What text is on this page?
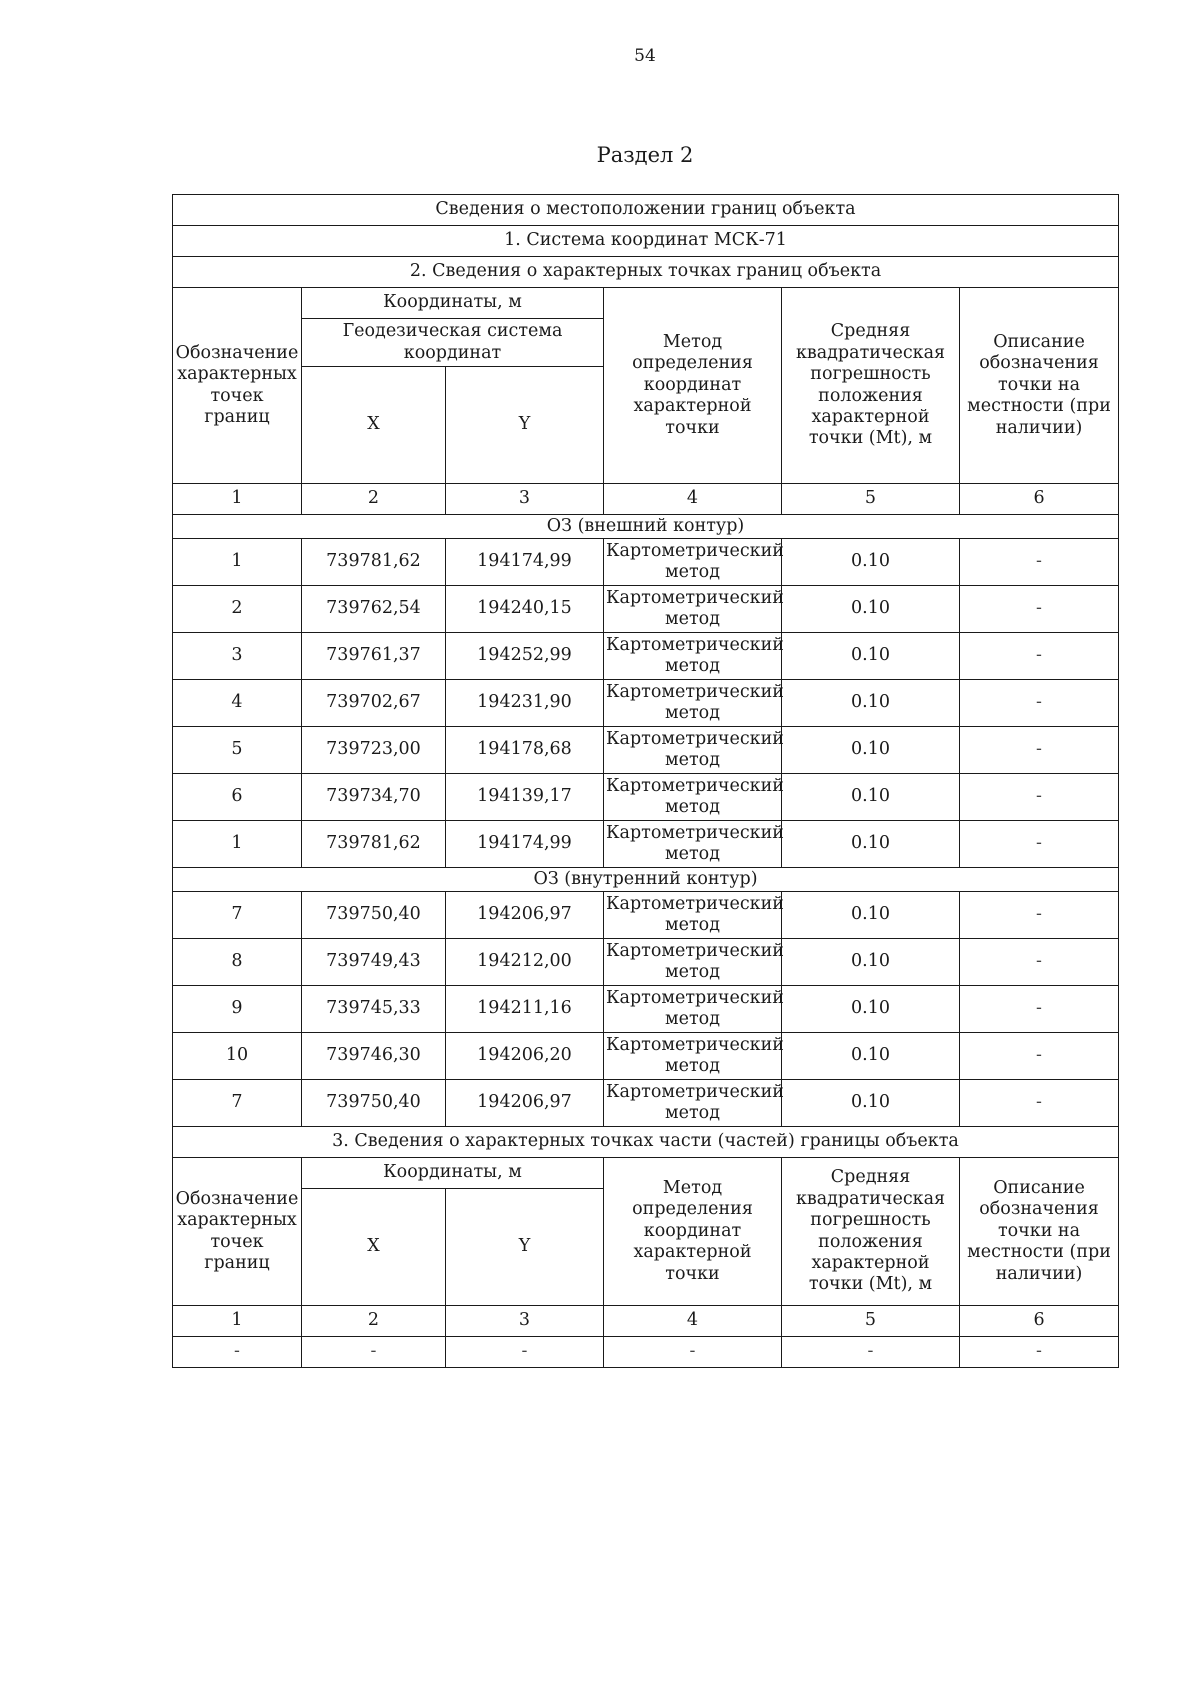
54
Раздел 2
Сведения о местоположении границ объекта					
1. Система координат МСК-71					
2. Сведения о характерных точках границ объекта					
Обозначение характерных точек границ	Координаты, м		Метод определения координат характерной точки	Средняя квадратическая погрешность положения характерной точки (Mt), м	Описание обозначения точки на местности (при наличии)
	Геодезическая система координат				
	X	Y			
1	2	3	4	5	6
ОЗ (внешний контур)					
1	739781,62	194174,99	Картометрический метод	0.10	-
2	739762,54	194240,15	Картометрический метод	0.10	-
3	739761,37	194252,99	Картометрический метод	0.10	-
4	739702,67	194231,90	Картометрический метод	0.10	-
5	739723,00	194178,68	Картометрический метод	0.10	-
6	739734,70	194139,17	Картометрический метод	0.10	-
1	739781,62	194174,99	Картометрический метод	0.10	-
ОЗ (внутренний контур)					
7	739750,40	194206,97	Картометрический метод	0.10	-
8	739749,43	194212,00	Картометрический метод	0.10	-
9	739745,33	194211,16	Картометрический метод	0.10	-
10	739746,30	194206,20	Картометрический метод	0.10	-
7	739750,40	194206,97	Картометрический метод	0.10	-
3. Сведения о характерных точках части (частей) границы объекта					
Обозначение характерных точек границ	Координаты, м		Метод определения координат характерной точки	Средняя квадратическая погрешность положения характерной точки (Mt), м	Описание обозначения точки на местности (при наличии)
	X	Y			
1	2	3	4	5	6
-	-	-	-	-	-
